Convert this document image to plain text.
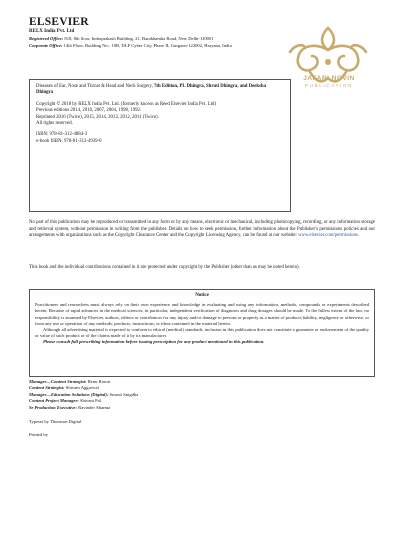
ELSEVIER
RELX India Pvt. Ltd
Registered Office: 818, 8th floor, Indraprakash Building, 21, Barakhamba Road, New Delhi-110001
Corporate Office: 14th Floor, Building No.: 10B, DLF Cyber City, Phase II, Gurgaon-122002, Haryana, India
JAFARI NOVIN
PUBLICATION

Diseases of Ear, Nose and Throat & Head and Neck Surgery, 7th Edition, PL Dhingra, Shruti Dhingra, and Deeksha Dhingra

Copyright © 2018 by RELX India Pvt. Ltd. (formerly known as Reed Elsevier India Pvt. Ltd)

Previous editions 2014, 2010, 2007, 2004, 1998, 1992.

Reprinted 2016 (Twice), 2015, 2014, 2013, 2012, 2011 (Twice).

All rights reserved.

ISBN: 978-81-312-4884-3

e-book ISBN: 978-81-312-4939-0

No part of this publication may be reproduced or transmitted in any form or by any means, electronic or mechanical, including photocopying, recording, or any information storage and retrieval system, without permission in writing from the publisher. Details on how to seek permission, further information about the Publisher's permissions policies and our arrangements with organizations such as the Copyright Clearance Center and the Copyright Licensing Agency, can be found at our website: www.elsevier.com/permissions.
This book and the individual contributions contained in it are protected under copyright by the Publisher (other than as may be noted herein).
Notice

Practitioners and researchers must always rely on their own experience and knowledge in evaluating and using any information, methods, compounds or experiments described herein. Because of rapid advances in the medical sciences, in particular, independent verification of diagnoses and drug dosages should be made. To the fullest extent of the law, no responsibility is assumed by Elsevier, authors, editors or contributors for any injury and/or damage to persons or property as a matter of products liability, negligence or otherwise, or from any use or operation of any methods, products, instructions, or ideas contained in the material herein.

Although all advertising material is expected to conform to ethical (medical) standards, inclusion in this publication does not constitute a guarantee or endorsement of the quality or value of such product or of the claims made of it by its manufacturer.

Please consult full prescribing information before issuing prescription for any product mentioned in this publication.

Manager—Content Strategist: Renu Rawat
Content Strategist: Shivam Aggarwal
Manager—Education Solutions (Digital): Smruti Snigdha
Content Project Manager: Shivani Pal
Sr Production Executive: Ravinder Sharma
Typeset by Thomson Digital
Printed by
